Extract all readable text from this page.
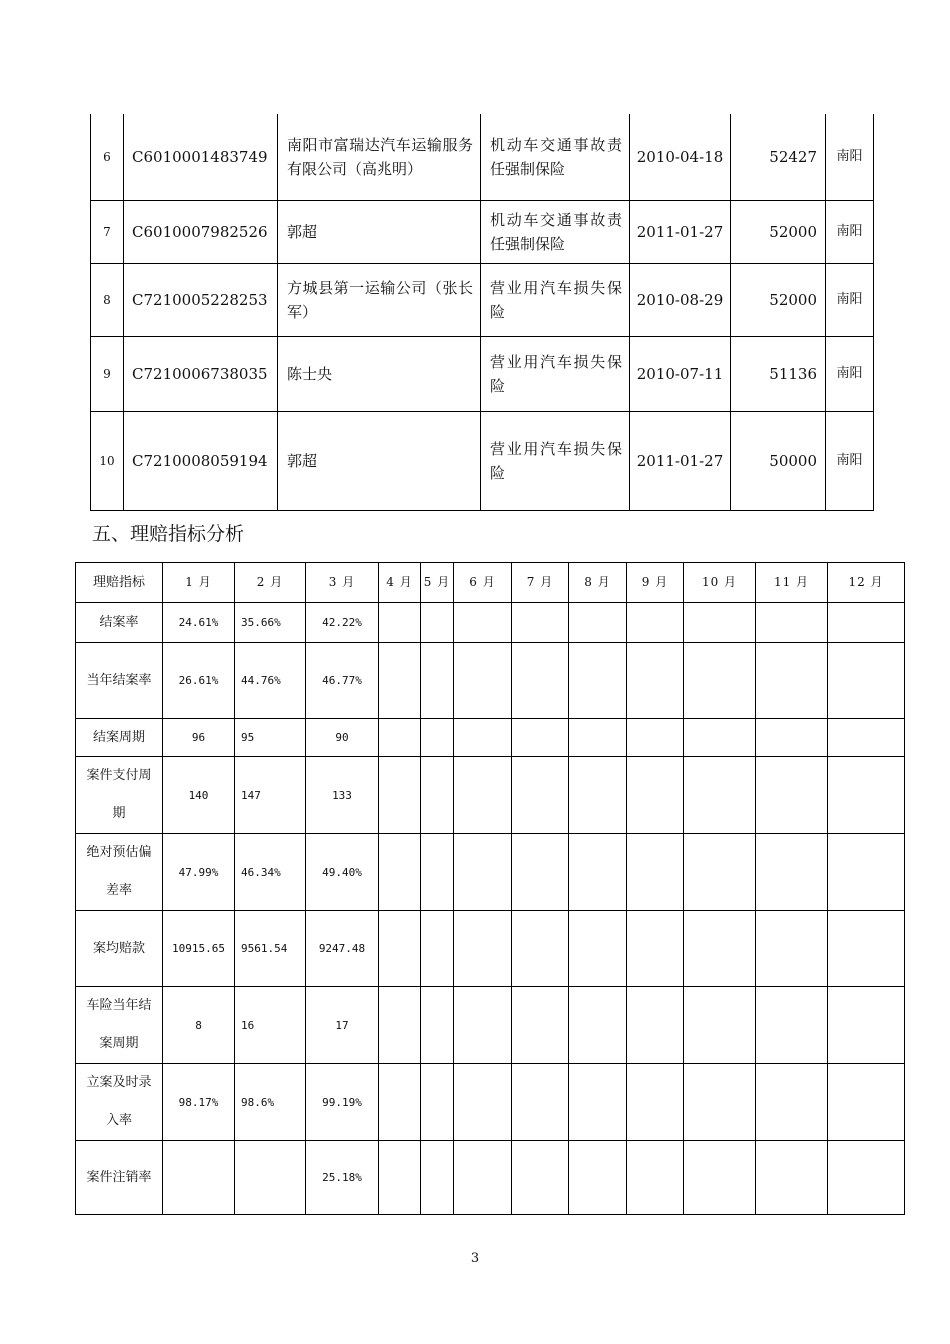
6	C6010001483749	南阳市富瑞达汽车运输服务有限公司（高兆明）	机动车交通事故责任强制保险	2010-04-18	52427	南阳
7	C6010007982526	郭超	机动车交通事故责任强制保险	2011-01-27	52000	南阳
8	C7210005228253	方城县第一运输公司（张长军）	营业用汽车损失保险	2010-08-29	52000	南阳
9	C7210006738035	陈士央	营业用汽车损失保险	2010-07-11	51136	南阳
10	C7210008059194	郭超	营业用汽车损失保险	2011-01-27	50000	南阳
五、理赔指标分析
理赔指标	1 月	2 月	3 月	4 月	5 月	6 月	7 月	8 月	9 月	10 月	11 月	12 月
结案率	24.61%	35.66%	42.22%									
当年结案率	26.61%	44.76%	46.77%									
结案周期	96	95	90									
案件支付周期	140	147	133									
绝对预估偏差率	47.99%	46.34%	49.40%									
案均赔款	10915.65	9561.54	9247.48									
车险当年结案周期	8	16	17									
立案及时录入率	98.17%	98.6%	99.19%									
案件注销率			25.18%									
3
